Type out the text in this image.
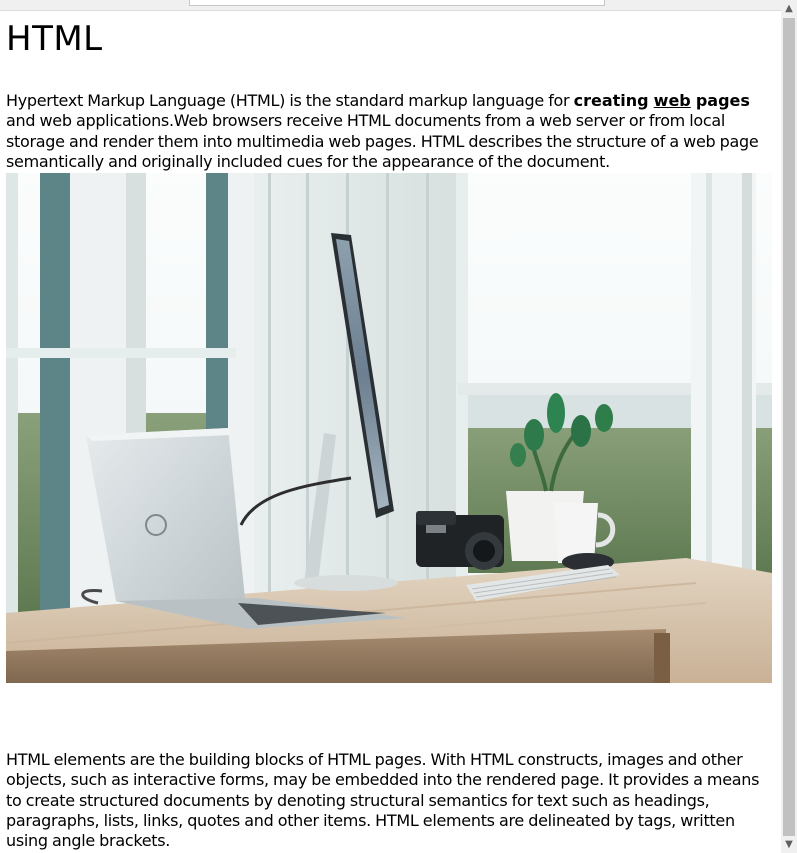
HTML

Hypertext Markup Language (HTML) is the standard markup language for creating web pages and web applications.Web browsers receive HTML documents from a web server or from local storage and render them into multimedia web pages. HTML describes the structure of a web page semantically and originally included cues for the appearance of the document.

HTML elements are the building blocks of HTML pages. With HTML constructs, images and other objects, such as interactive forms, may be embedded into the rendered page. It provides a means to create structured documents by denoting structural semantics for text such as headings, paragraphs, lists, links, quotes and other items. HTML elements are delineated by tags, written using angle brackets.

▲
▼
